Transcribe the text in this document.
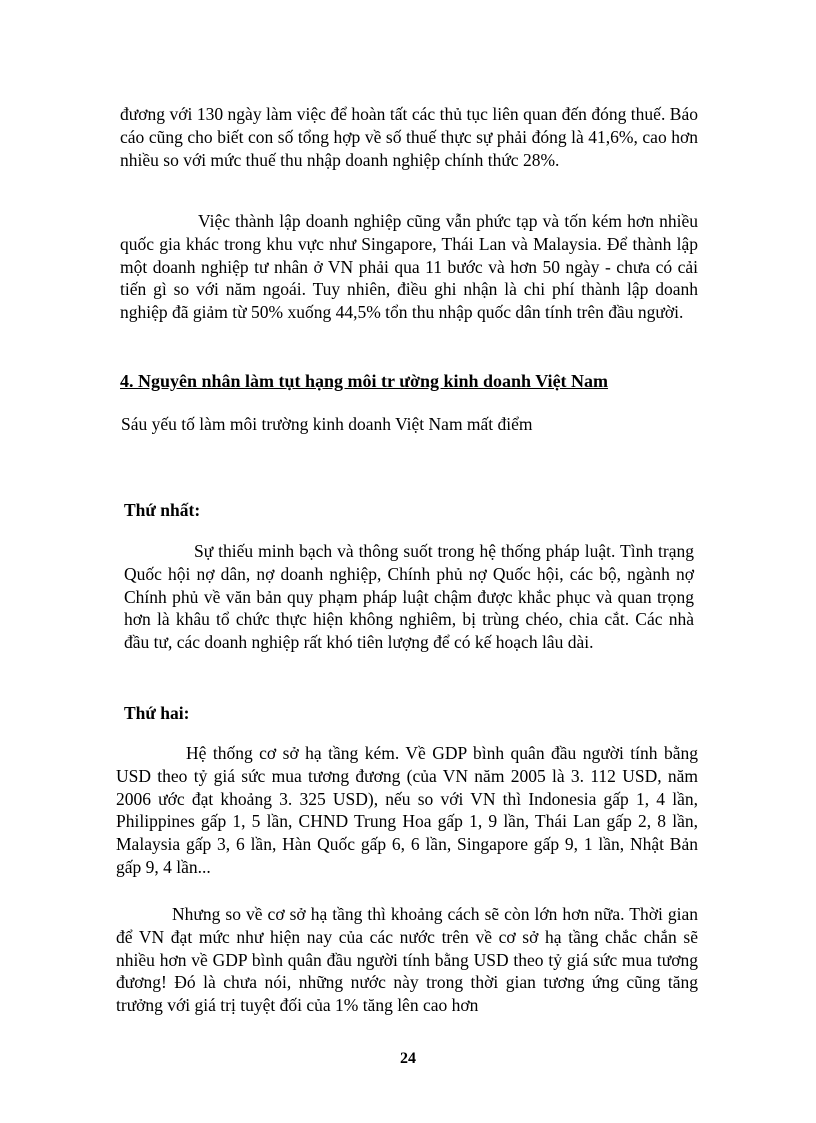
đương với 130 ngày làm việc để hoàn tất các thủ tục liên quan đến đóng thuế. Báo cáo cũng cho biết con số tổng hợp về số thuế thực sự phải đóng là 41,6%, cao hơn nhiều so với mức thuế thu nhập doanh nghiệp chính thức 28%.

Việc thành lập doanh nghiệp cũng vẫn phức tạp và tốn kém hơn nhiều quốc gia khác trong khu vực như Singapore, Thái Lan và Malaysia. Để thành lập một doanh nghiệp tư nhân ở VN phải qua 11 bước và hơn 50 ngày - chưa có cải tiến gì so với năm ngoái. Tuy nhiên, điều ghi nhận là chi phí thành lập doanh nghiệp đã giảm từ 50% xuống 44,5% tổn thu nhập quốc dân tính trên đầu người.

4. Nguyên nhân làm tụt hạng môi tr ường kinh doanh Việt Nam

Sáu yếu tố làm môi trường kinh doanh Việt Nam mất điểm

Thứ nhất:

Sự thiếu minh bạch và thông suốt trong hệ thống pháp luật. Tình trạng Quốc hội nợ dân, nợ doanh nghiệp, Chính phủ nợ Quốc hội, các bộ, ngành nợ Chính phủ về văn bản quy phạm pháp luật chậm được khắc phục và quan trọng hơn là khâu tổ chức thực hiện không nghiêm, bị trùng chéo, chia cắt. Các nhà đầu tư, các doanh nghiệp rất khó tiên lượng để có kế hoạch lâu dài.

Thứ hai:

Hệ thống cơ sở hạ tầng kém. Về GDP bình quân đầu người tính bằng USD theo tỷ giá sức mua tương đương (của VN năm 2005 là 3. 112 USD, năm 2006 ước đạt khoảng 3. 325 USD), nếu so với VN thì Indonesia gấp 1, 4 lần, Philippines gấp 1, 5 lần, CHND Trung Hoa gấp 1, 9 lần, Thái Lan gấp 2, 8 lần, Malaysia gấp 3, 6 lần, Hàn Quốc gấp 6, 6 lần, Singapore gấp 9, 1 lần, Nhật Bản gấp 9, 4 lần...

Nhưng so về cơ sở hạ tầng thì khoảng cách sẽ còn lớn hơn nữa. Thời gian để VN đạt mức như hiện nay của các nước trên về cơ sở hạ tầng chắc chắn sẽ nhiều hơn về GDP bình quân đầu người tính bằng USD theo tỷ giá sức mua tương đương! Đó là chưa nói, những nước này trong thời gian tương ứng cũng tăng trưởng với giá trị tuyệt đối của 1% tăng lên cao hơn

24
